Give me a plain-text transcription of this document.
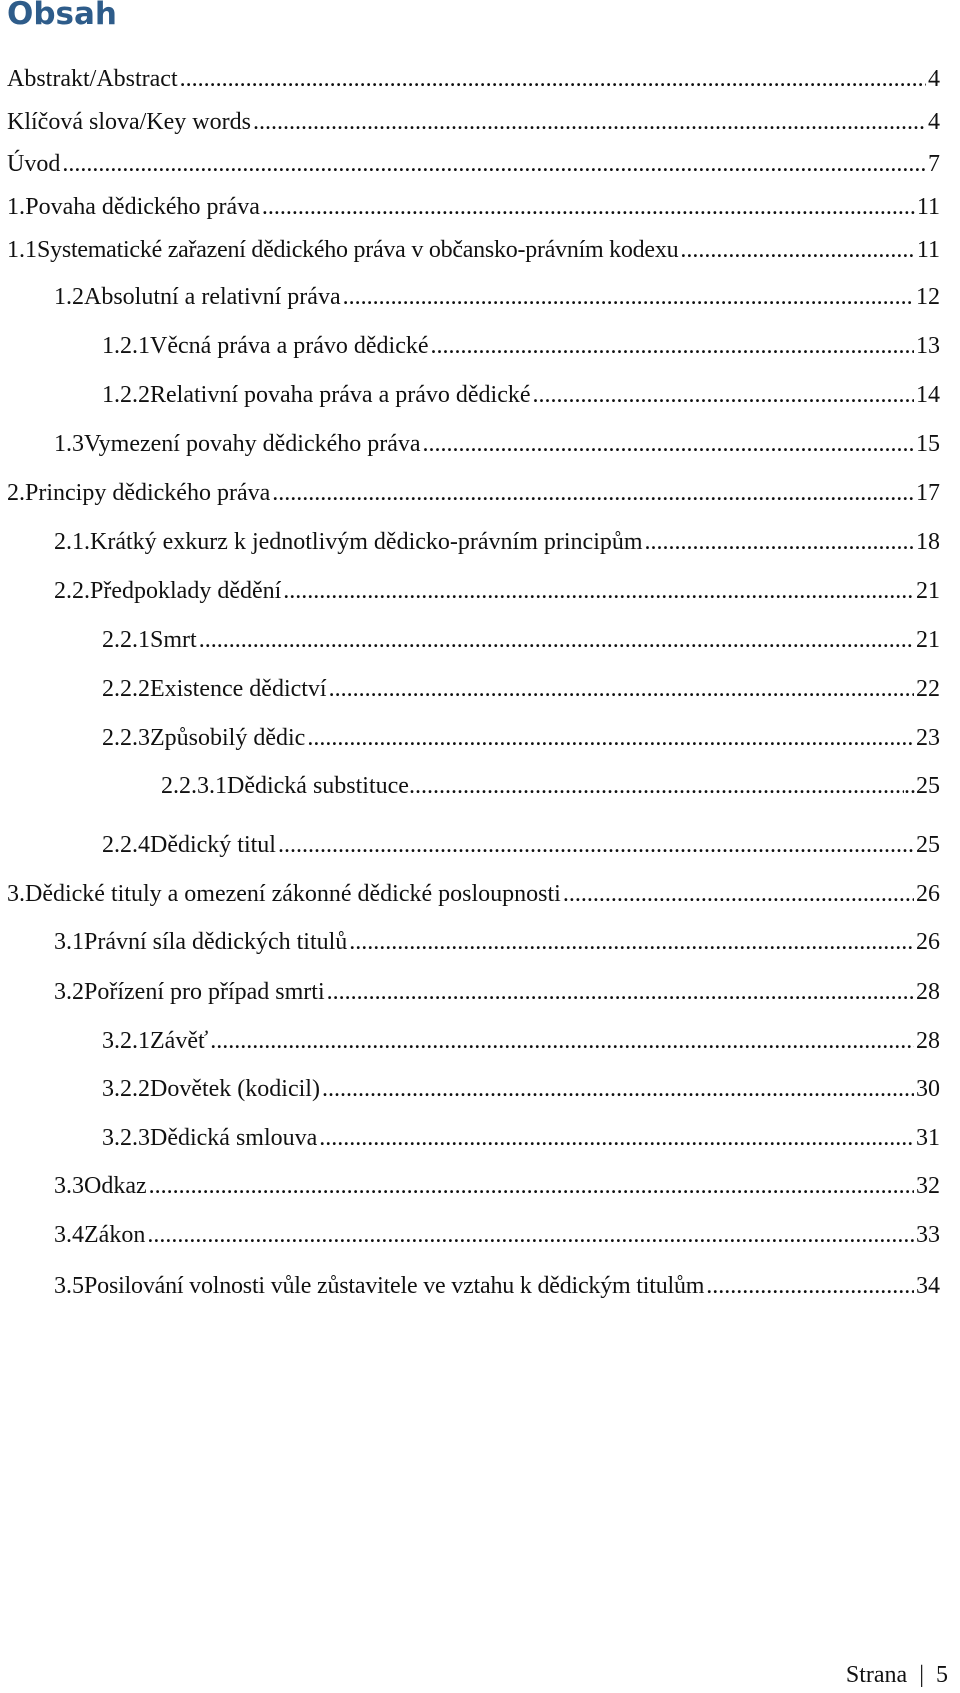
Obsah
Abstrakt/Abstract .....	4
Klíčová slova/Key words .....	4
Úvod .....	7
1. Povaha dědického práva .....	11
1.1 Systematické zařazení dědického práva v občansko-právním kodexu .....	11
1.2 Absolutní a relativní práva .....	12
1.2.1 Věcná práva a právo dědické .....	13
1.2.2 Relativní povaha práva a právo dědické .....	14
1.3 Vymezení povahy dědického práva .....	15
2. Principy dědického práva .....	17
2.1. Krátký exkurz k jednotlivým dědicko-právním principům .....	18
2.2. Předpoklady dědění .....	21
2.2.1 Smrt .....	21
2.2.2 Existence dědictví .....	22
2.2.3 Způsobilý dědic .....	23
2.2.3.1 Dědická substituce .....	..25
2.2.4 Dědický titul .....	25
3. Dědické tituly a omezení zákonné dědické posloupnosti .....	26
3.1 Právní síla dědických titulů .....	26
3.2 Pořízení pro případ smrti .....	28
3.2.1 Závěť .....	28
3.2.2 Dovětek (kodicil) .....	30
3.2.3 Dědická smlouva .....	31
3.3 Odkaz .....	32
3.4 Zákon .....	33
3.5 Posilování volnosti vůle zůstavitele ve vztahu k dědickým titulům .....	34
Strana | 5
